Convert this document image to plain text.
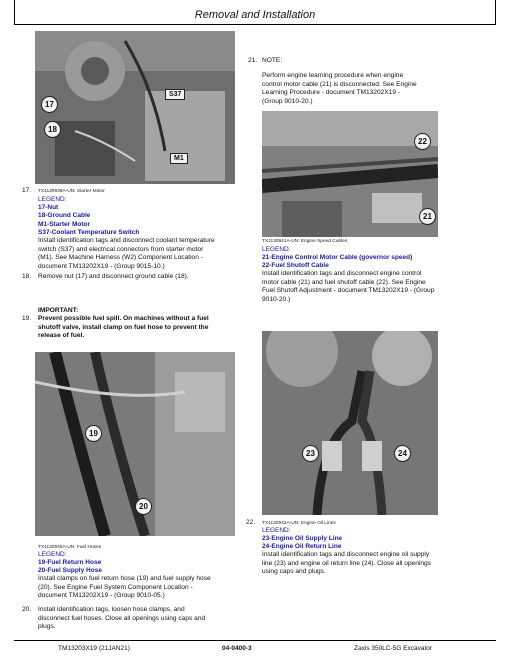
Removal and Installation
17
18
S37
M1
17. TX1130939A-UN: Starter Motor
LEGEND:
17-Nut
18-Ground Cable
M1-Starter Motor
S37-Coolant Temperature Switch
Install identification tags and disconnect coolant temperature
switch (S37) and electrical connectors from starter motor
(M1). See Machine Harness (W2) Component Location -
document TM13202X19 - (Group 9015-10.)
18. Remove nut (17) and disconnect ground cable (18).
IMPORTANT:
19. Prevent possible fuel spill. On machines without a fuel
shutoff valve, install clamp on fuel hose to prevent the
release of fuel.
19
20
TX1130940A-UN: Fuel Hoses
LEGEND:
19-Fuel Return Hose
20-Fuel Supply Hose
Install clamps on fuel return hose (19) and fuel supply hose
(20). See Engine Fuel System Component Location -
document TM13202X19 - (Group 9010-05.)
20. Install identification tags, loosen hose clamps, and
disconnect fuel hoses. Close all openings using caps and
plugs.
21. NOTE:
Perform engine learning procedure when engine
control motor cable (21) is disconnected. See Engine
Learning Procedure - document TM13202X19 -
(Group 9010-20.)
22
21
TX1130941A-UN: Engine Speed Cables
LEGEND:
21-Engine Control Motor Cable (governor speed)
22-Fuel Shutoff Cable
Install identification tags and disconnect engine control
motor cable (21) and fuel shutoff cable (22). See Engine
Fuel Shutoff Adjustment - document TM13202X19 - (Group
9010-20.)
23	24
22. TX1130942A-UN: Engine Oil Lines
LEGEND:
23-Engine Oil Supply Line
24-Engine Oil Return Line
Install identification tags and disconnect engine oil supply
line (23) and engine oil return line (24). Close all openings
using caps and plugs.
TM13203X19 (21JAN21)	04-0400-3	Zaxis 350LC-5G Excavator
